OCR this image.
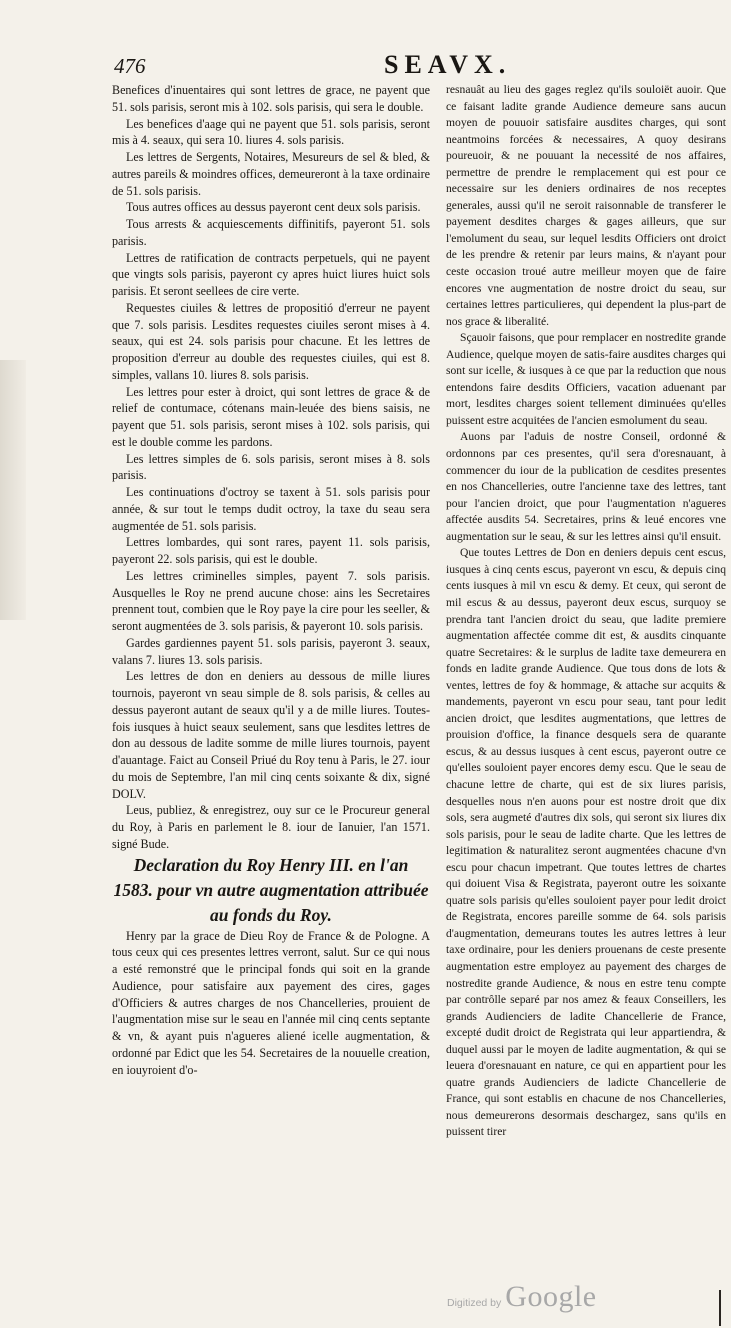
476	SEAVX.

Benefices d'inuentaires qui sont lettres de grace, ne payent que 51. sols parisis, seront mis à 102. sols parisis, qui sera le double.

Les benefices d'aage qui ne payent que 51. sols parisis, seront mis à 4. seaux, qui sera 10. liures 4. sols parisis.

Les lettres de Sergents, Notaires, Mesureurs de sel & bled, & autres pareils & moindres offices, demeureront à la taxe ordinaire de 51. sols parisis.

Tous autres offices au dessus payeront cent deux sols parisis.

Tous arrests & acquiescements diffinitifs, payeront 51. sols parisis.

Lettres de ratification de contracts perpetuels, qui ne payent que vingts sols parisis, payeront cy apres huict liures huict sols parisis. Et seront seellees de cire verte.

Requestes ciuiles & lettres de propositió d'erreur ne payent que 7. sols parisis. Lesdites requestes ciuiles seront mises à 4. seaux, qui est 24. sols parisis pour chacune. Et les lettres de proposition d'erreur au double des requestes ciuiles, qui est 8. simples, vallans 10. liures 8. sols parisis.

Les lettres pour ester à droict, qui sont lettres de grace & de relief de contumace, cótenans main-leuée des biens saisis, ne payent que 51. sols parisis, seront mises à 102. sols parisis, qui est le double comme les pardons.

Les lettres simples de 6. sols parisis, seront mises à 8. sols parisis.

Les continuations d'octroy se taxent à 51. sols parisis pour année, & sur tout le temps dudit octroy, la taxe du seau sera augmentée de 51. sols parisis.

Lettres lombardes, qui sont rares, payent 11. sols parisis, payeront 22. sols parisis, qui est le double.

Les lettres criminelles simples, payent 7. sols parisis. Ausquelles le Roy ne prend aucune chose: ains les Secretaires prennent tout, combien que le Roy paye la cire pour les seeller, & seront augmentées de 3. sols parisis, & payeront 10. sols parisis.

Gardes gardiennes payent 51. sols parisis, payeront 3. seaux, valans 7. liures 13. sols parisis.

Les lettres de don en deniers au dessous de mille liures tournois, payeront vn seau simple de 8. sols parisis, & celles au dessus payeront autant de seaux qu'il y a de mille liures. Toutes-fois iusques à huict seaux seulement, sans que lesdites lettres de don au dessous de ladite somme de mille liures tournois, payent d'auantage. Faict au Conseil Priué du Roy tenu à Paris, le 27. iour du mois de Septembre, l'an mil cinq cents soixante & dix, signé DOLV.

Leus, publiez, & enregistrez, ouy sur ce le Procureur general du Roy, à Paris en parlement le 8. iour de Ianuier, l'an 1571. signé Bude.

Declaration du Roy Henry III. en l'an 1583. pour vn autre augmentation attribuée au fonds du Roy.

Henry par la grace de Dieu Roy de France & de Pologne. A tous ceux qui ces presentes lettres verront, salut. Sur ce qui nous a esté remonstré que le principal fonds qui soit en la grande Audience, pour satisfaire aux payement des cires, gages d'Officiers & autres charges de nos Chancelleries, prouient de l'augmentation mise sur le seau en l'année mil cinq cents septante & vn, & ayant puis n'agueres aliené icelle augmentation, & ordonné par Edict que les 54. Secretaires de la nouuelle creation, en iouyroient d'o-

resnauât au lieu des gages reglez qu'ils souloiët auoir. Que ce faisant ladite grande Audience demeure sans aucun moyen de pouuoir satisfaire ausdites charges, qui sont neantmoins forcées & necessaires, A quoy desirans poureuoir, & ne pouuant la necessité de nos affaires, permettre de prendre le remplacement qui est pour ce necessaire sur les deniers ordinaires de nos receptes generales, aussi qu'il ne seroit raisonnable de transferer le payement desdites charges & gages ailleurs, que sur l'emolument du seau, sur lequel lesdits Officiers ont droict de les prendre & retenir par leurs mains, & n'ayant pour ceste occasion troué autre meilleur moyen que de faire encores vne augmentation de nostre droict du seau, sur certaines lettres particulieres, qui dependent la plus-part de nos grace & liberalité.

Sçauoir faisons, que pour remplacer en nostredite grande Audience, quelque moyen de satis-faire ausdites charges qui sont sur icelle, & iusques à ce que par la reduction que nous entendons faire desdits Officiers, vacation aduenant par mort, lesdites charges soient tellement diminuées qu'elles puissent estre acquitées de l'ancien esmolument du seau.

Auons par l'aduis de nostre Conseil, ordonné & ordonnons par ces presentes, qu'il sera d'oresnauant, à commencer du iour de la publication de cesdites presentes en nos Chancelleries, outre l'ancienne taxe des lettres, tant pour l'ancien droict, que pour l'augmentation n'agueres affectée ausdits 54. Secretaires, prins & leué encores vne augmentation sur le seau, & sur les lettres ainsi qu'il ensuit.

Que toutes Lettres de Don en deniers depuis cent escus, iusques à cinq cents escus, payeront vn escu, & depuis cinq cents iusques à mil vn escu & demy. Et ceux, qui seront de mil escus & au dessus, payeront deux escus, surquoy se prendra tant l'ancien droict du seau, que ladite premiere augmentation affectée comme dit est, & ausdits cinquante quatre Secretaires: & le surplus de ladite taxe demeurera en fonds en ladite grande Audience. Que tous dons de lots & ventes, lettres de foy & hommage, & attache sur acquits & mandements, payeront vn escu pour seau, tant pour ledit ancien droict, que lesdites augmentations, que lettres de prouision d'office, la finance desquels sera de quarante escus, & au dessus iusques à cent escus, payeront outre ce qu'elles souloient payer encores demy escu. Que le seau de chacune lettre de charte, qui est de six liures parisis, desquelles nous n'en auons pour est nostre droit que dix sols, sera augmeté d'autres dix sols, qui seront six liures dix sols parisis, pour le seau de ladite charte. Que les lettres de legitimation & naturalitez seront augmentées chacune d'vn escu pour chacun impetrant. Que toutes lettres de chartes qui doiuent Visa & Registrata, payeront outre les soixante quatre sols parisis qu'elles souloient payer pour ledit droict de Registrata, encores pareille somme de 64. sols parisis d'augmentation, demeurans toutes les autres lettres à leur taxe ordinaire, pour les deniers prouenans de ceste presente augmentation estre employez au payement des charges de nostredite grande Audience, & nous en estre tenu compte par contrôlle separé par nos amez & feaux Conseillers, les grands Audienciers de ladite Chancellerie de France, excepté dudit droict de Registrata qui leur appartiendra, & duquel aussi par le moyen de ladite augmentation, & qui se leuera d'oresnauant en nature, ce qui en appartient pour les quatre grands Audienciers de ladicte Chancellerie de France, qui sont establis en chacune de nos Chancelleries, nous demeurerons desormais deschargez, sans qu'ils en puissent tirer

Digitized by Google
